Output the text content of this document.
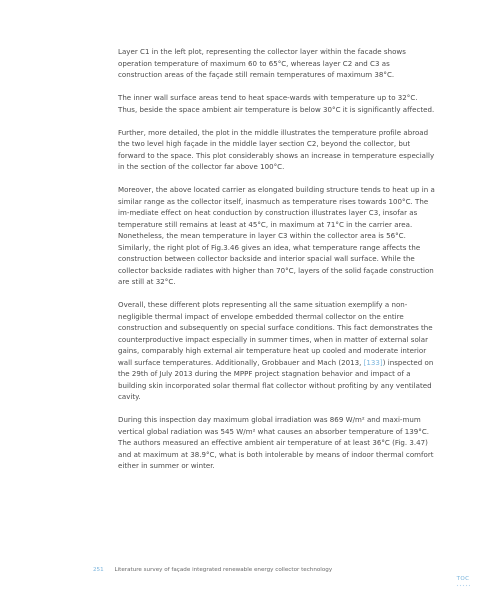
Layer C1 in the left plot, representing the collector layer within the facade shows operation temperature of maximum 60 to 65°C, whereas layer C2 and C3 as construction areas of the façade still remain temperatures of maximum 38°C.

The inner wall surface areas tend to heat space-wards with temperature up to 32°C. Thus, beside the space ambient air temperature is below 30°C it is significantly affected.

Further, more detailed, the plot in the middle illustrates the temperature profile abroad the two level high façade in the middle layer section C2, beyond the collector, but forward to the space. This plot considerably shows an increase in temperature especially in the section of the collector far above 100°C.

Moreover, the above located carrier as elongated building structure tends to heat up in a similar range as the collector itself, inasmuch as temperature rises towards 100°C. The im-mediate effect on heat conduction by construction illustrates layer C3, insofar as temperature still remains at least at 45°C, in maximum at 71°C in the carrier area. Nonetheless, the mean temperature in layer C3 within the collector area is 56°C. Similarly, the right plot of Fig.3.46 gives an idea, what temperature range affects the construction between collector backside and interior spacial wall surface. While the collector backside radiates with higher than 70°C, layers of the solid façade construction are still at 32°C.

Overall, these different plots representing all the same situation exemplify a non-negligible thermal impact of envelope embedded thermal collector on the entire construction and subsequently on special surface conditions. This fact demonstrates the counterproductive impact especially in summer times, when in matter of external solar gains, comparably high external air temperature heat up cooled and moderate interior wall surface temperatures. Additionally, Grobbauer and Mach (2013, [133]) inspected on the 29th of July 2013 during the MPPF project stagnation behavior and impact of a building skin incorporated solar thermal flat collector without profiting by any ventilated cavity.

During this inspection day maximum global irradiation was 869 W/m² and maxi-mum vertical global radiation was 545 W/m² what causes an absorber temperature of 139°C. The authors measured an effective ambient air temperature of at least 36°C (Fig. 3.47) and at maximum at 38.9°C, what is both intolerable by means of indoor thermal comfort either in summer or winter.

251 Literature survey of façade integrated renewable energy collector technology
TOC
